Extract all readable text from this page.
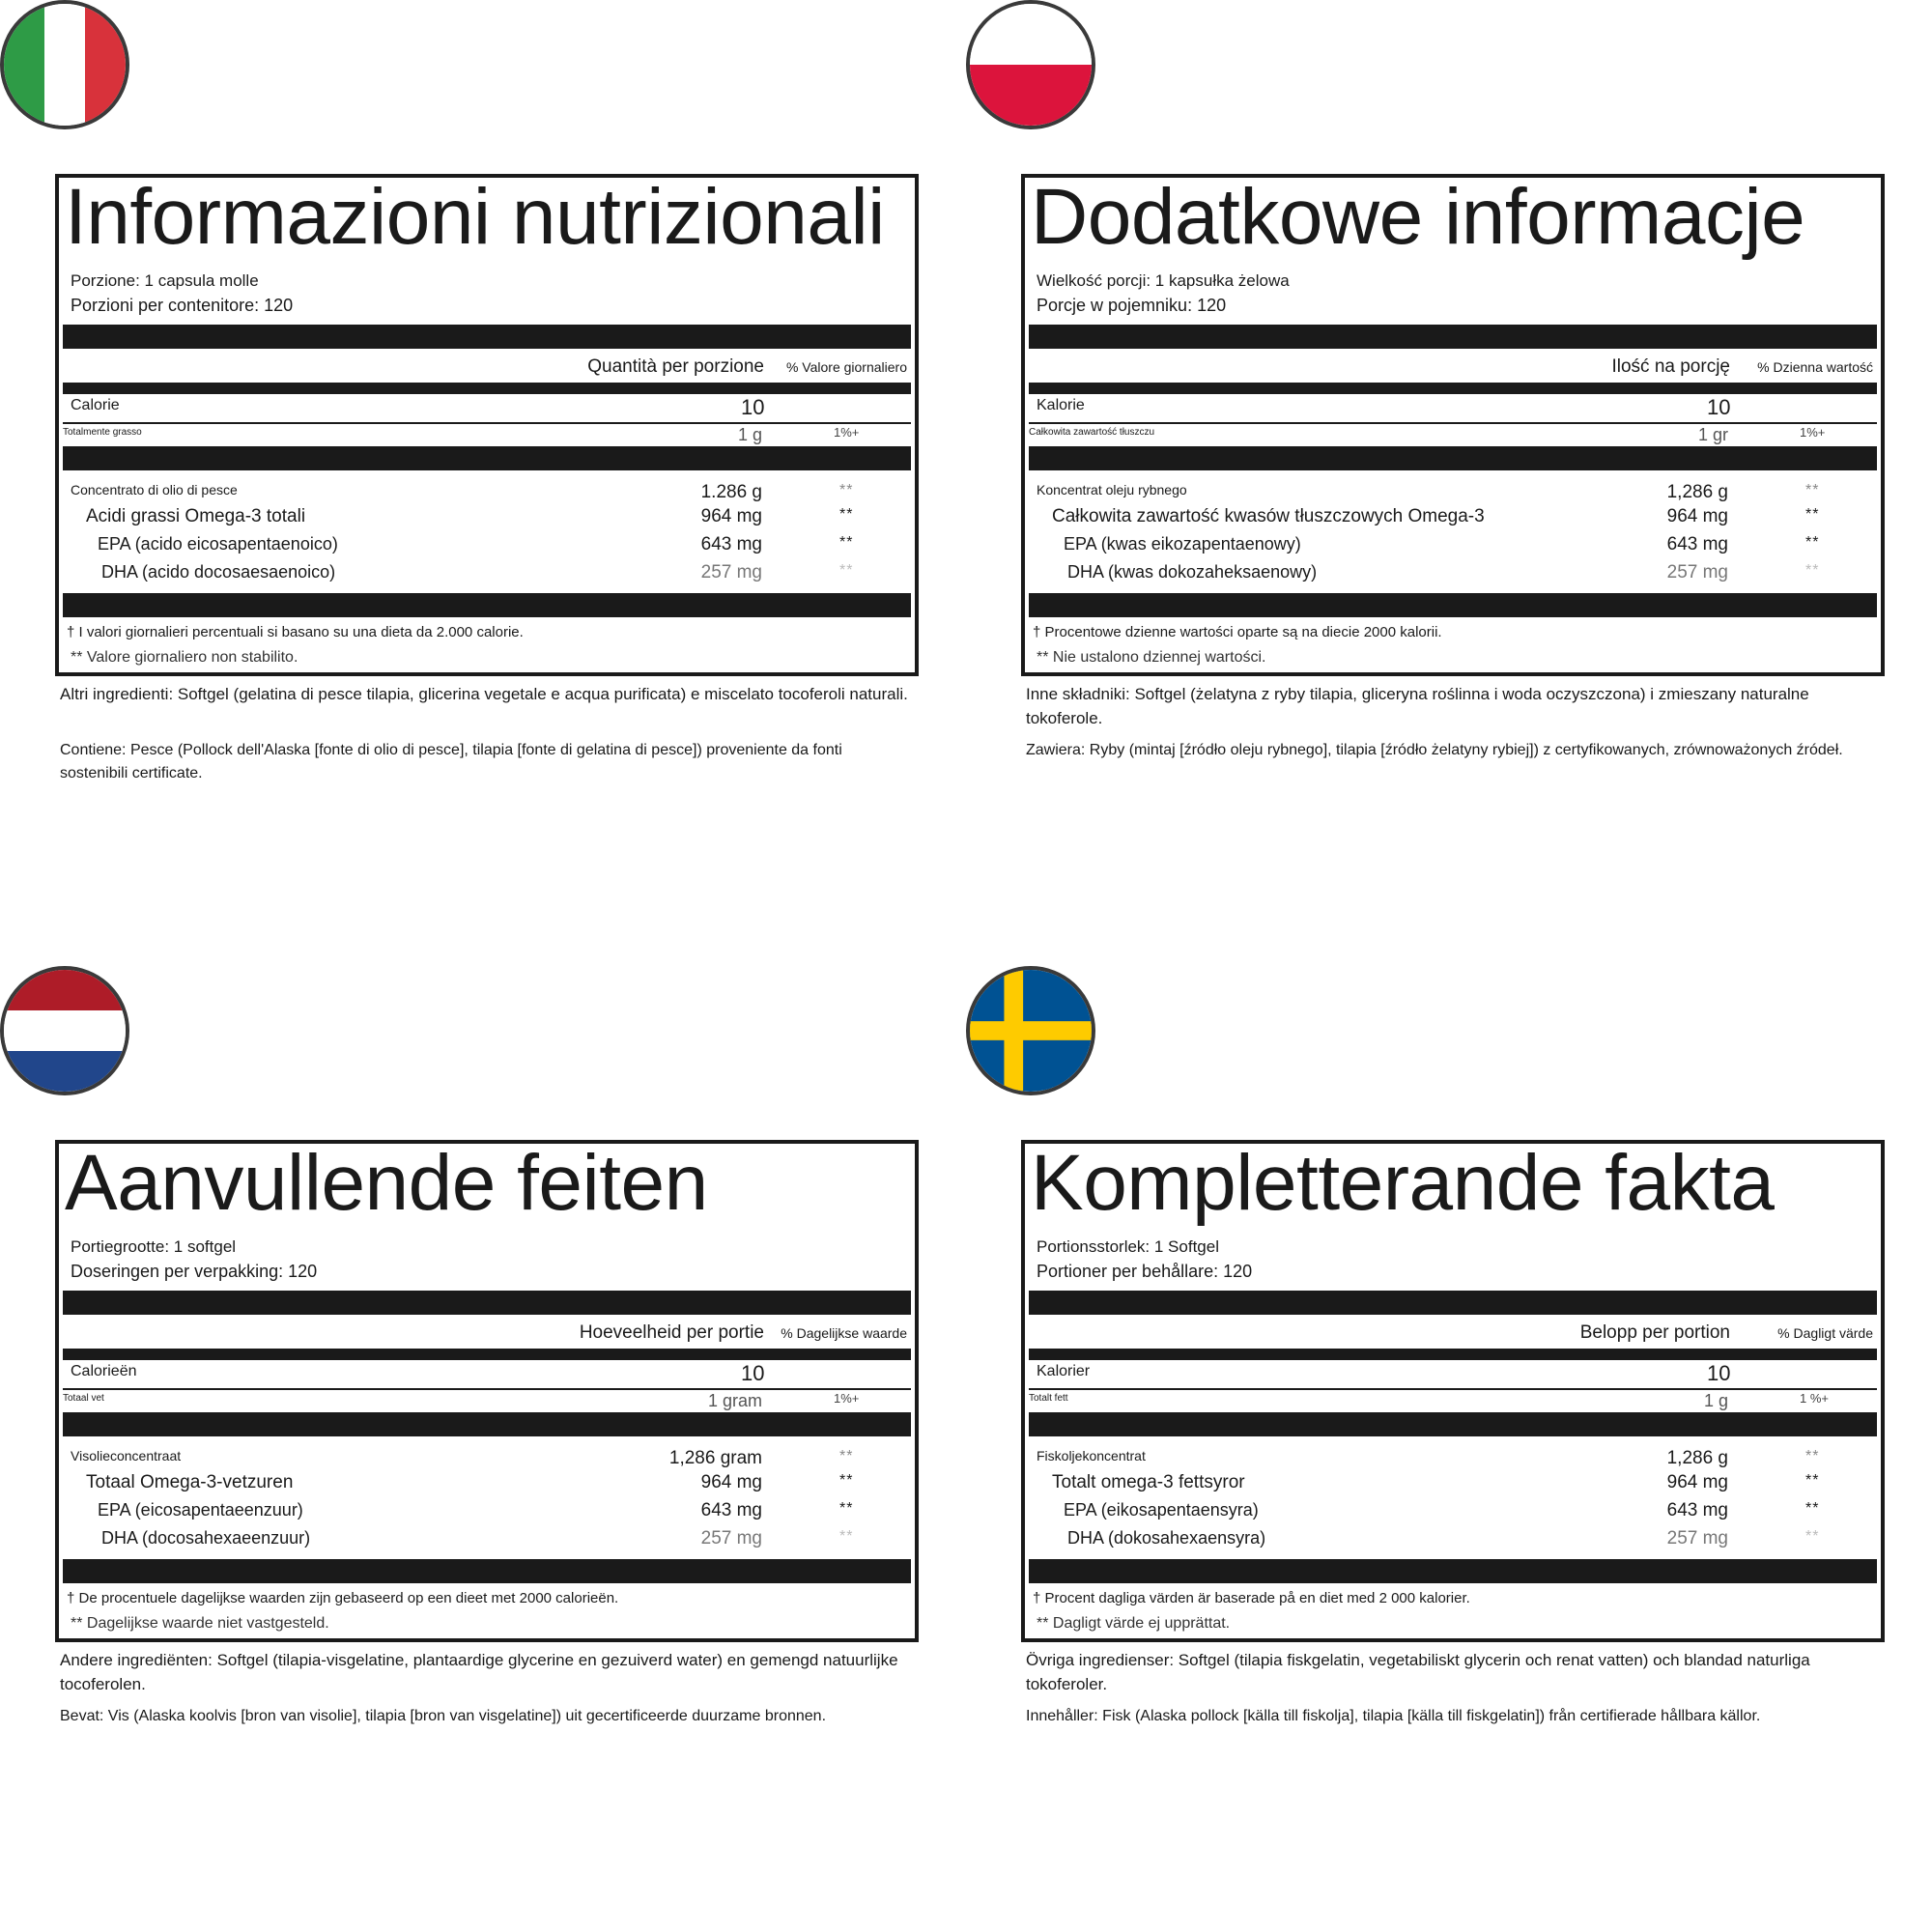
Informazioni nutrizionali
Porzione: 1 capsula molle
Porzioni per contenitore: 120
Quantità per porzione % Valore giornaliero
Calorie	10
Totalmente grasso	1 g	1%+
Concentrato di olio di pesce	1.286 g	**
Acidi grassi Omega-3 totali	964 mg	**
EPA (acido eicosapentaenoico)	643 mg	**
DHA (acido docosaesaenoico)	257 mg	**
† I valori giornalieri percentuali si basano su una dieta da 2.000 calorie.
** Valore giornaliero non stabilito.
Altri ingredienti: Softgel (gelatina di pesce tilapia, glicerina vegetale e acqua purificata) e miscelato tocoferoli naturali.
Contiene: Pesce (Pollock dell'Alaska [fonte di olio di pesce], tilapia [fonte di gelatina di pesce]) proveniente da fonti sostenibili certificate.
Dodatkowe informacje
Wielkość porcji: 1 kapsułka żelowa
Porcje w pojemniku: 120
Ilość na porcję % Dzienna wartość
Kalorie	10
Całkowita zawartość tłuszczu	1 gr	1%+
Koncentrat oleju rybnego	1,286 g	**
Całkowita zawartość kwasów tłuszczowych Omega-3	964 mg	**
EPA (kwas eikozapentaenowy)	643 mg	**
DHA (kwas dokozaheksaenowy)	257 mg	**
† Procentowe dzienne wartości oparte są na diecie 2000 kalorii.
** Nie ustalono dziennej wartości.
Inne składniki: Softgel (żelatyna z ryby tilapia, gliceryna roślinna i woda oczyszczona) i zmieszany naturalne tokoferole.
Zawiera: Ryby (mintaj [źródło oleju rybnego], tilapia [źródło żelatyny rybiej]) z certyfikowanych, zrównoważonych źródeł.
Aanvullende feiten
Portiegrootte: 1 softgel
Doseringen per verpakking: 120
Hoeveelheid per portie % Dagelijkse waarde
Calorieën	10
Totaal vet	1 gram	1%+
Visolieconcentraat	1,286 gram	**
Totaal Omega-3-vetzuren	964 mg	**
EPA (eicosapentaeenzuur)	643 mg	**
DHA (docosahexaeenzuur)	257 mg	**
† De procentuele dagelijkse waarden zijn gebaseerd op een dieet met 2000 calorieën.
** Dagelijkse waarde niet vastgesteld.
Andere ingrediënten: Softgel (tilapia-visgelatine, plantaardige glycerine en gezuiverd water) en gemengd natuurlijke tocoferolen.
Bevat: Vis (Alaska koolvis [bron van visolie], tilapia [bron van visgelatine]) uit gecertificeerde duurzame bronnen.
Kompletterande fakta
Portionsstorlek: 1 Softgel
Portioner per behållare: 120
Belopp per portion	% Dagligt värde
Kalorier	10
Totalt fett	1 g	1 %+
Fiskoljekoncentrat	1,286 g	**
Totalt omega-3 fettsyror	964 mg	**
EPA (eikosapentaensyra)	643 mg	**
DHA (dokosahexaensyra)	257 mg	**
† Procent dagliga värden är baserade på en diet med 2 000 kalorier.
** Dagligt värde ej upprättat.
Övriga ingredienser: Softgel (tilapia fiskgelatin, vegetabiliskt glycerin och renat vatten) och blandad naturliga tokoferoler.
Innehåller: Fisk (Alaska pollock [källa till fiskolja], tilapia [källa till fiskgelatin]) från certifierade hållbara källor.
